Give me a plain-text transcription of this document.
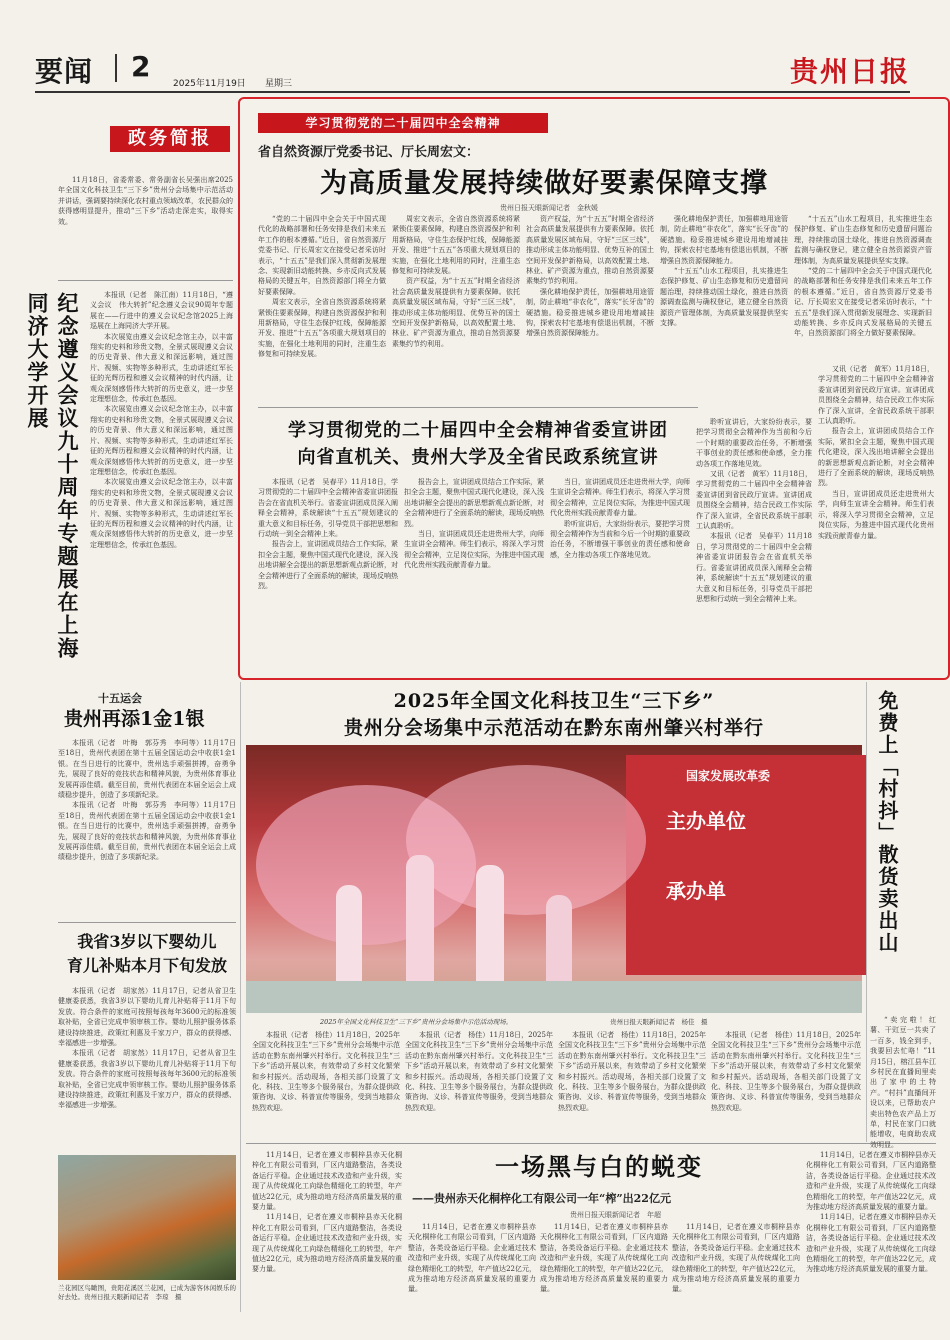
要闻 2
2025年11月19日 星期三	贵州日报
政务简报

11月18日，省委常委、常务副省长吴强出席2025年全国文化科技卫生“三下乡”贵州分会场集中示范活动并讲话，强调要持续深化农村重点领域改革，农民群众的获得感明显提升，推动“三下乡”活动走深走实，取得实效。

纪念遵义会议九十周年专题展在上海同济大学开展	本报讯（记者　陈江南）11月18日，“遵义会议　伟大转折”纪念遵义会议90周年专题展在——行进中的遵义会议纪念馆2025上海巡展在上海同济大学开展。

本次展览由遵义会议纪念馆主办，以丰富翔实的史料和珍贵文物，全景式展现遵义会议的历史背景、伟大意义和深远影响，通过图片、视频、实物等多种形式，生动讲述红军长征的光辉历程和遵义会议精神的时代内涵，让观众深刻感悟伟大转折的历史意义，进一步坚定理想信念，传承红色基因。

本次展览由遵义会议纪念馆主办，以丰富翔实的史料和珍贵文物，全景式展现遵义会议的历史背景、伟大意义和深远影响，通过图片、视频、实物等多种形式，生动讲述红军长征的光辉历程和遵义会议精神的时代内涵，让观众深刻感悟伟大转折的历史意义，进一步坚定理想信念，传承红色基因。

本次展览由遵义会议纪念馆主办，以丰富翔实的史料和珍贵文物，全景式展现遵义会议的历史背景、伟大意义和深远影响，通过图片、视频、实物等多种形式，生动讲述红军长征的光辉历程和遵义会议精神的时代内涵，让观众深刻感悟伟大转折的历史意义，进一步坚定理想信念，传承红色基因。

学习贯彻党的二十届四中全会精神
省自然资源厅党委书记、厅长周宏文：
为高质量发展持续做好要素保障支撑
贵州日报天眼新闻记者　金秋媛

“党的二十届四中全会关于中国式现代化的战略部署和任务安排是我们未来五年工作的根本遵循。”近日，省自然资源厅党委书记、厅长周宏文在接受记者采访时表示，“十五五”是我们深入贯彻新发展理念、实现新旧动能转换、乡亦反向式发展格局的关键五年，自然资源部门将全力做好要素保障。

周宏文表示，全省自然资源系统将紧紧锁住要素保障，构建自然资源保护和利用新格局，守住生态保护红线，保障能源开发、推进“十五五”各项重大规划项目的实施，在强化土地利用的同时，注重生态修复和可持续发展。

周宏文表示，全省自然资源系统将紧紧锁住要素保障，构建自然资源保护和利用新格局，守住生态保护红线，保障能源开发、推进“十五五”各项重大规划项目的实施，在强化土地利用的同时，注重生态修复和可持续发展。

资产权益，为“十五五”时期全省经济社会高质量发展提供有力要素保障。依托高质量发展区域布局，守好“三区三线”，推动形成主体功能明显、优势互补的国土空间开发保护新格局，以高效配置土地、林业、矿产资源为重点，推动自然资源要素集约节约利用。

资产权益，为“十五五”时期全省经济社会高质量发展提供有力要素保障。依托高质量发展区域布局，守好“三区三线”，推动形成主体功能明显、优势互补的国土空间开发保护新格局，以高效配置土地、林业、矿产资源为重点，推动自然资源要素集约节约利用。

强化耕地保护责任，加强耕地用途管制，防止耕地“非农化”，落实“长牙齿”的硬措施。稳妥推进城乡建设用地增减挂钩，探索农村宅基地有偿退出机制，不断增强自然资源保障能力。

强化耕地保护责任，加强耕地用途管制，防止耕地“非农化”，落实“长牙齿”的硬措施。稳妥推进城乡建设用地增减挂钩，探索农村宅基地有偿退出机制，不断增强自然资源保障能力。

“十五五”山水工程项目，扎实推进生态保护修复、矿山生态修复和历史遗留问题治理，持续推动国土绿化，推进自然资源调查监测与确权登记，建立健全自然资源资产管理体制，为高质量发展提供坚实支撑。

“十五五”山水工程项目，扎实推进生态保护修复、矿山生态修复和历史遗留问题治理，持续推动国土绿化，推进自然资源调查监测与确权登记，建立健全自然资源资产管理体制，为高质量发展提供坚实支撑。

“党的二十届四中全会关于中国式现代化的战略部署和任务安排是我们未来五年工作的根本遵循。”近日，省自然资源厅党委书记、厅长周宏文在接受记者采访时表示，“十五五”是我们深入贯彻新发展理念、实现新旧动能转换、乡亦反向式发展格局的关键五年，自然资源部门将全力做好要素保障。

学习贯彻党的二十届四中全会精神省委宣讲团
向省直机关、贵州大学及全省民政系统宣讲

本报讯（记者　吴春平）11月18日，学习贯彻党的二十届四中全会精神省委宣讲团报告会在省直机关举行。省委宣讲团成员深入阐释全会精神，系统解读“十五五”规划建议的重大意义和目标任务，引导党员干部把思想和行动统一到全会精神上来。

报告会上，宣讲团成员结合工作实际，紧扣全会主题，聚焦中国式现代化建设，深入浅出地讲解全会提出的新思想新观点新论断，对全会精神进行了全面系统的解读，现场反响热烈。

报告会上，宣讲团成员结合工作实际，紧扣全会主题，聚焦中国式现代化建设，深入浅出地讲解全会提出的新思想新观点新论断，对全会精神进行了全面系统的解读，现场反响热烈。

当日，宣讲团成员还走进贵州大学，向师生宣讲全会精神。师生们表示，将深入学习贯彻全会精神，立足岗位实际，为推进中国式现代化贵州实践贡献青春力量。

当日，宣讲团成员还走进贵州大学，向师生宣讲全会精神。师生们表示，将深入学习贯彻全会精神，立足岗位实际，为推进中国式现代化贵州实践贡献青春力量。

聆听宣讲后，大家纷纷表示，要把学习贯彻全会精神作为当前和今后一个时期的重要政治任务，不断增强干事创业的责任感和使命感，全力推动各项工作落地见效。

聆听宣讲后，大家纷纷表示，要把学习贯彻全会精神作为当前和今后一个时期的重要政治任务，不断增强干事创业的责任感和使命感，全力推动各项工作落地见效。

又讯（记者　黄军）11月18日，学习贯彻党的二十届四中全会精神省委宣讲团到省民政厅宣讲。宣讲团成员围绕全会精神，结合民政工作实际作了深入宣讲，全省民政系统干部职工认真聆听。

本报讯（记者　吴春平）11月18日，学习贯彻党的二十届四中全会精神省委宣讲团报告会在省直机关举行。省委宣讲团成员深入阐释全会精神，系统解读“十五五”规划建议的重大意义和目标任务，引导党员干部把思想和行动统一到全会精神上来。

又讯（记者　黄军）11月18日，学习贯彻党的二十届四中全会精神省委宣讲团到省民政厅宣讲。宣讲团成员围绕全会精神，结合民政工作实际作了深入宣讲，全省民政系统干部职工认真聆听。

报告会上，宣讲团成员结合工作实际，紧扣全会主题，聚焦中国式现代化建设，深入浅出地讲解全会提出的新思想新观点新论断，对全会精神进行了全面系统的解读，现场反响热烈。

当日，宣讲团成员还走进贵州大学，向师生宣讲全会精神。师生们表示，将深入学习贯彻全会精神，立足岗位实际，为推进中国式现代化贵州实践贡献青春力量。

十五运会
贵州再添1金1银

本报讯（记者　叶梅　郭芬秀　李珂等）11月17日至18日，贵州代表团在第十五届全国运动会中收获1金1银。在当日进行的比赛中，贵州选手顽强拼搏，奋勇争先，展现了良好的竞技状态和精神风貌，为贵州体育事业发展再添佳绩。截至目前，贵州代表团在本届全运会上成绩稳步提升，创造了多项新纪录。

本报讯（记者　叶梅　郭芬秀　李珂等）11月17日至18日，贵州代表团在第十五届全国运动会中收获1金1银。在当日进行的比赛中，贵州选手顽强拼搏，奋勇争先，展现了良好的竞技状态和精神风貌，为贵州体育事业发展再添佳绩。截至目前，贵州代表团在本届全运会上成绩稳步提升，创造了多项新纪录。

我省3岁以下婴幼儿
育儿补贴本月下旬发放

本报讯（记者　胡家然）11月17日，记者从省卫生健康委获悉，我省3岁以下婴幼儿育儿补贴将于11月下旬发放。符合条件的家庭可按照每孩每年3600元的标准领取补贴，全省已完成申领审核工作。婴幼儿照护服务体系建设持续推进，政策红利惠及千家万户，群众的获得感、幸福感进一步增强。

本报讯（记者　胡家然）11月17日，记者从省卫生健康委获悉，我省3岁以下婴幼儿育儿补贴将于11月下旬发放。符合条件的家庭可按照每孩每年3600元的标准领取补贴，全省已完成申领审核工作。婴幼儿照护服务体系建设持续推进，政策红利惠及千家万户，群众的获得感、幸福感进一步增强。

兰花园区鸟瞰图，贵阳花溪区兰花园，已成为游客休闲娱乐的好去处。贵州日报天眼新闻记者　李琼　摄
2025年全国文化科技卫生“三下乡”
贵州分会场集中示范活动在黔东南州肇兴村举行
国家发展改革委
主办单位
承办单
2025年全国文化科技卫生“三下乡”贵州分会场集中示范活动现场。	贵州日报天眼新闻记者　杨佳　摄

本报讯（记者　杨佳）11月18日，2025年全国文化科技卫生“三下乡”贵州分会场集中示范活动在黔东南州肇兴村举行。文化科技卫生“三下乡”活动开展以来，有效带动了乡村文化繁荣和乡村振兴。活动现场，各相关部门设置了文化、科技、卫生等多个服务展台，为群众提供政策咨询、义诊、科普宣传等服务，受到当地群众热烈欢迎。

本报讯（记者　杨佳）11月18日，2025年全国文化科技卫生“三下乡”贵州分会场集中示范活动在黔东南州肇兴村举行。文化科技卫生“三下乡”活动开展以来，有效带动了乡村文化繁荣和乡村振兴。活动现场，各相关部门设置了文化、科技、卫生等多个服务展台，为群众提供政策咨询、义诊、科普宣传等服务，受到当地群众热烈欢迎。

本报讯（记者　杨佳）11月18日，2025年全国文化科技卫生“三下乡”贵州分会场集中示范活动在黔东南州肇兴村举行。文化科技卫生“三下乡”活动开展以来，有效带动了乡村文化繁荣和乡村振兴。活动现场，各相关部门设置了文化、科技、卫生等多个服务展台，为群众提供政策咨询、义诊、科普宣传等服务，受到当地群众热烈欢迎。

本报讯（记者　杨佳）11月18日，2025年全国文化科技卫生“三下乡”贵州分会场集中示范活动在黔东南州肇兴村举行。文化科技卫生“三下乡”活动开展以来，有效带动了乡村文化繁荣和乡村振兴。活动现场，各相关部门设置了文化、科技、卫生等多个服务展台，为群众提供政策咨询、义诊、科普宣传等服务，受到当地群众热烈欢迎。

免费上「村抖」散货卖出山

11月14日，记者在遵义市桐梓县赤天化桐梓化工有限公司看到，厂区内道路整洁，各类设备运行平稳。企业通过技术改造和产业升级，实现了从传统煤化工向绿色精细化工的转型，年产值达22亿元，成为推动地方经济高质量发展的重要力量。

11月14日，记者在遵义市桐梓县赤天化桐梓化工有限公司看到，厂区内道路整洁，各类设备运行平稳。企业通过技术改造和产业升级，实现了从传统煤化工向绿色精细化工的转型，年产值达22亿元，成为推动地方经济高质量发展的重要力量。

一场黑与白的蜕变
——贵州赤天化桐梓化工有限公司一年“榨”出22亿元
贵州日报天眼新闻记者　年超

11月14日，记者在遵义市桐梓县赤天化桐梓化工有限公司看到，厂区内道路整洁，各类设备运行平稳。企业通过技术改造和产业升级，实现了从传统煤化工向绿色精细化工的转型，年产值达22亿元，成为推动地方经济高质量发展的重要力量。

11月14日，记者在遵义市桐梓县赤天化桐梓化工有限公司看到，厂区内道路整洁，各类设备运行平稳。企业通过技术改造和产业升级，实现了从传统煤化工向绿色精细化工的转型，年产值达22亿元，成为推动地方经济高质量发展的重要力量。

11月14日，记者在遵义市桐梓县赤天化桐梓化工有限公司看到，厂区内道路整洁，各类设备运行平稳。企业通过技术改造和产业升级，实现了从传统煤化工向绿色精细化工的转型，年产值达22亿元，成为推动地方经济高质量发展的重要力量。

11月14日，记者在遵义市桐梓县赤天化桐梓化工有限公司看到，厂区内道路整洁，各类设备运行平稳。企业通过技术改造和产业升级，实现了从传统煤化工向绿色精细化工的转型，年产值达22亿元，成为推动地方经济高质量发展的重要力量。

11月14日，记者在遵义市桐梓县赤天化桐梓化工有限公司看到，厂区内道路整洁，各类设备运行平稳。企业通过技术改造和产业升级，实现了从传统煤化工向绿色精细化工的转型，年产值达22亿元，成为推动地方经济高质量发展的重要力量。

“卖完啦！红薯、干豇豆一共卖了一百多，钱全到手，我要回去忙咯！”11月15日，榕江县车江乡村民在直播间里卖出了家中的土特产。“村抖”直播间开设以来，已帮助农户卖出特色农产品上万单，村民在家门口就能增收，电商助农成效明显。
